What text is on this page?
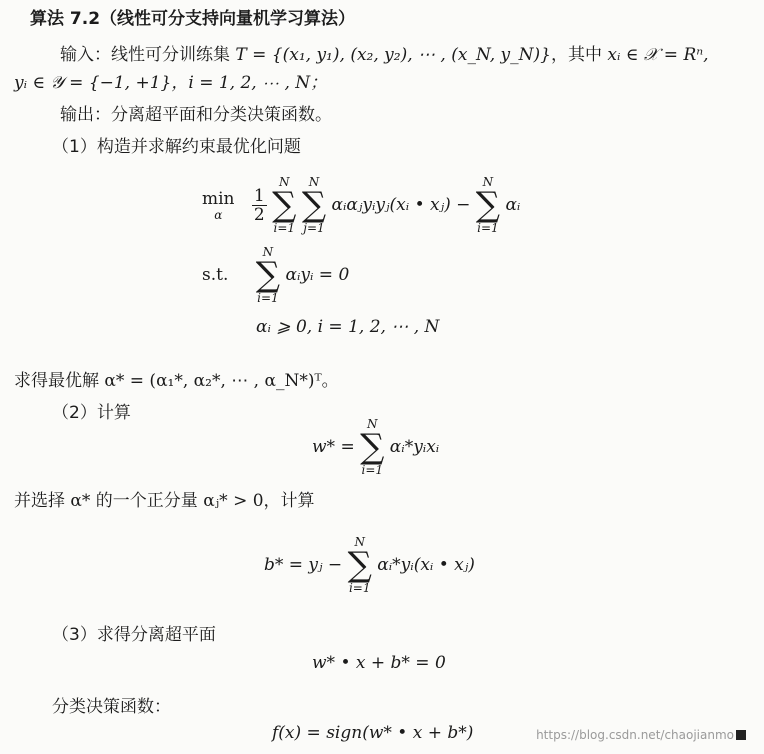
算法 7.2（线性可分支持向量机学习算法）
输入：线性可分训练集 T = {(x₁, y₁), (x₂, y₂), ⋯ , (x_N, y_N)}，其中 xᵢ ∈ 𝒳 = Rⁿ,
yᵢ ∈ 𝒴 = {−1, +1}，i = 1, 2, ⋯ , N；
输出：分离超平面和分类决策函数。
（1）构造并求解约束最优化问题
min
α
	$\frac{1}{2}$

N
∑
i=1

N
∑
j=1
αᵢαⱼyᵢyⱼ(xᵢ • xⱼ) −
N
∑
i=1
αᵢ
s.t.
N
∑
i=1
αᵢyᵢ = 0
αᵢ ⩾ 0, i = 1, 2, ⋯ , N
求得最优解 α* = (α₁*, α₂*, ⋯ , α_N*)ᵀ。
（2）计算
w* =
N
∑
i=1
αᵢ*yᵢxᵢ
并选择 α* 的一个正分量 αⱼ* > 0，计算
b* = yⱼ −
N
∑
i=1
αᵢ*yᵢ(xᵢ • xⱼ)
（3）求得分离超平面
w* • x + b* = 0
分类决策函数：
f(x) = sign(w* • x + b*)	https://blog.csdn.net/chaojianmo
